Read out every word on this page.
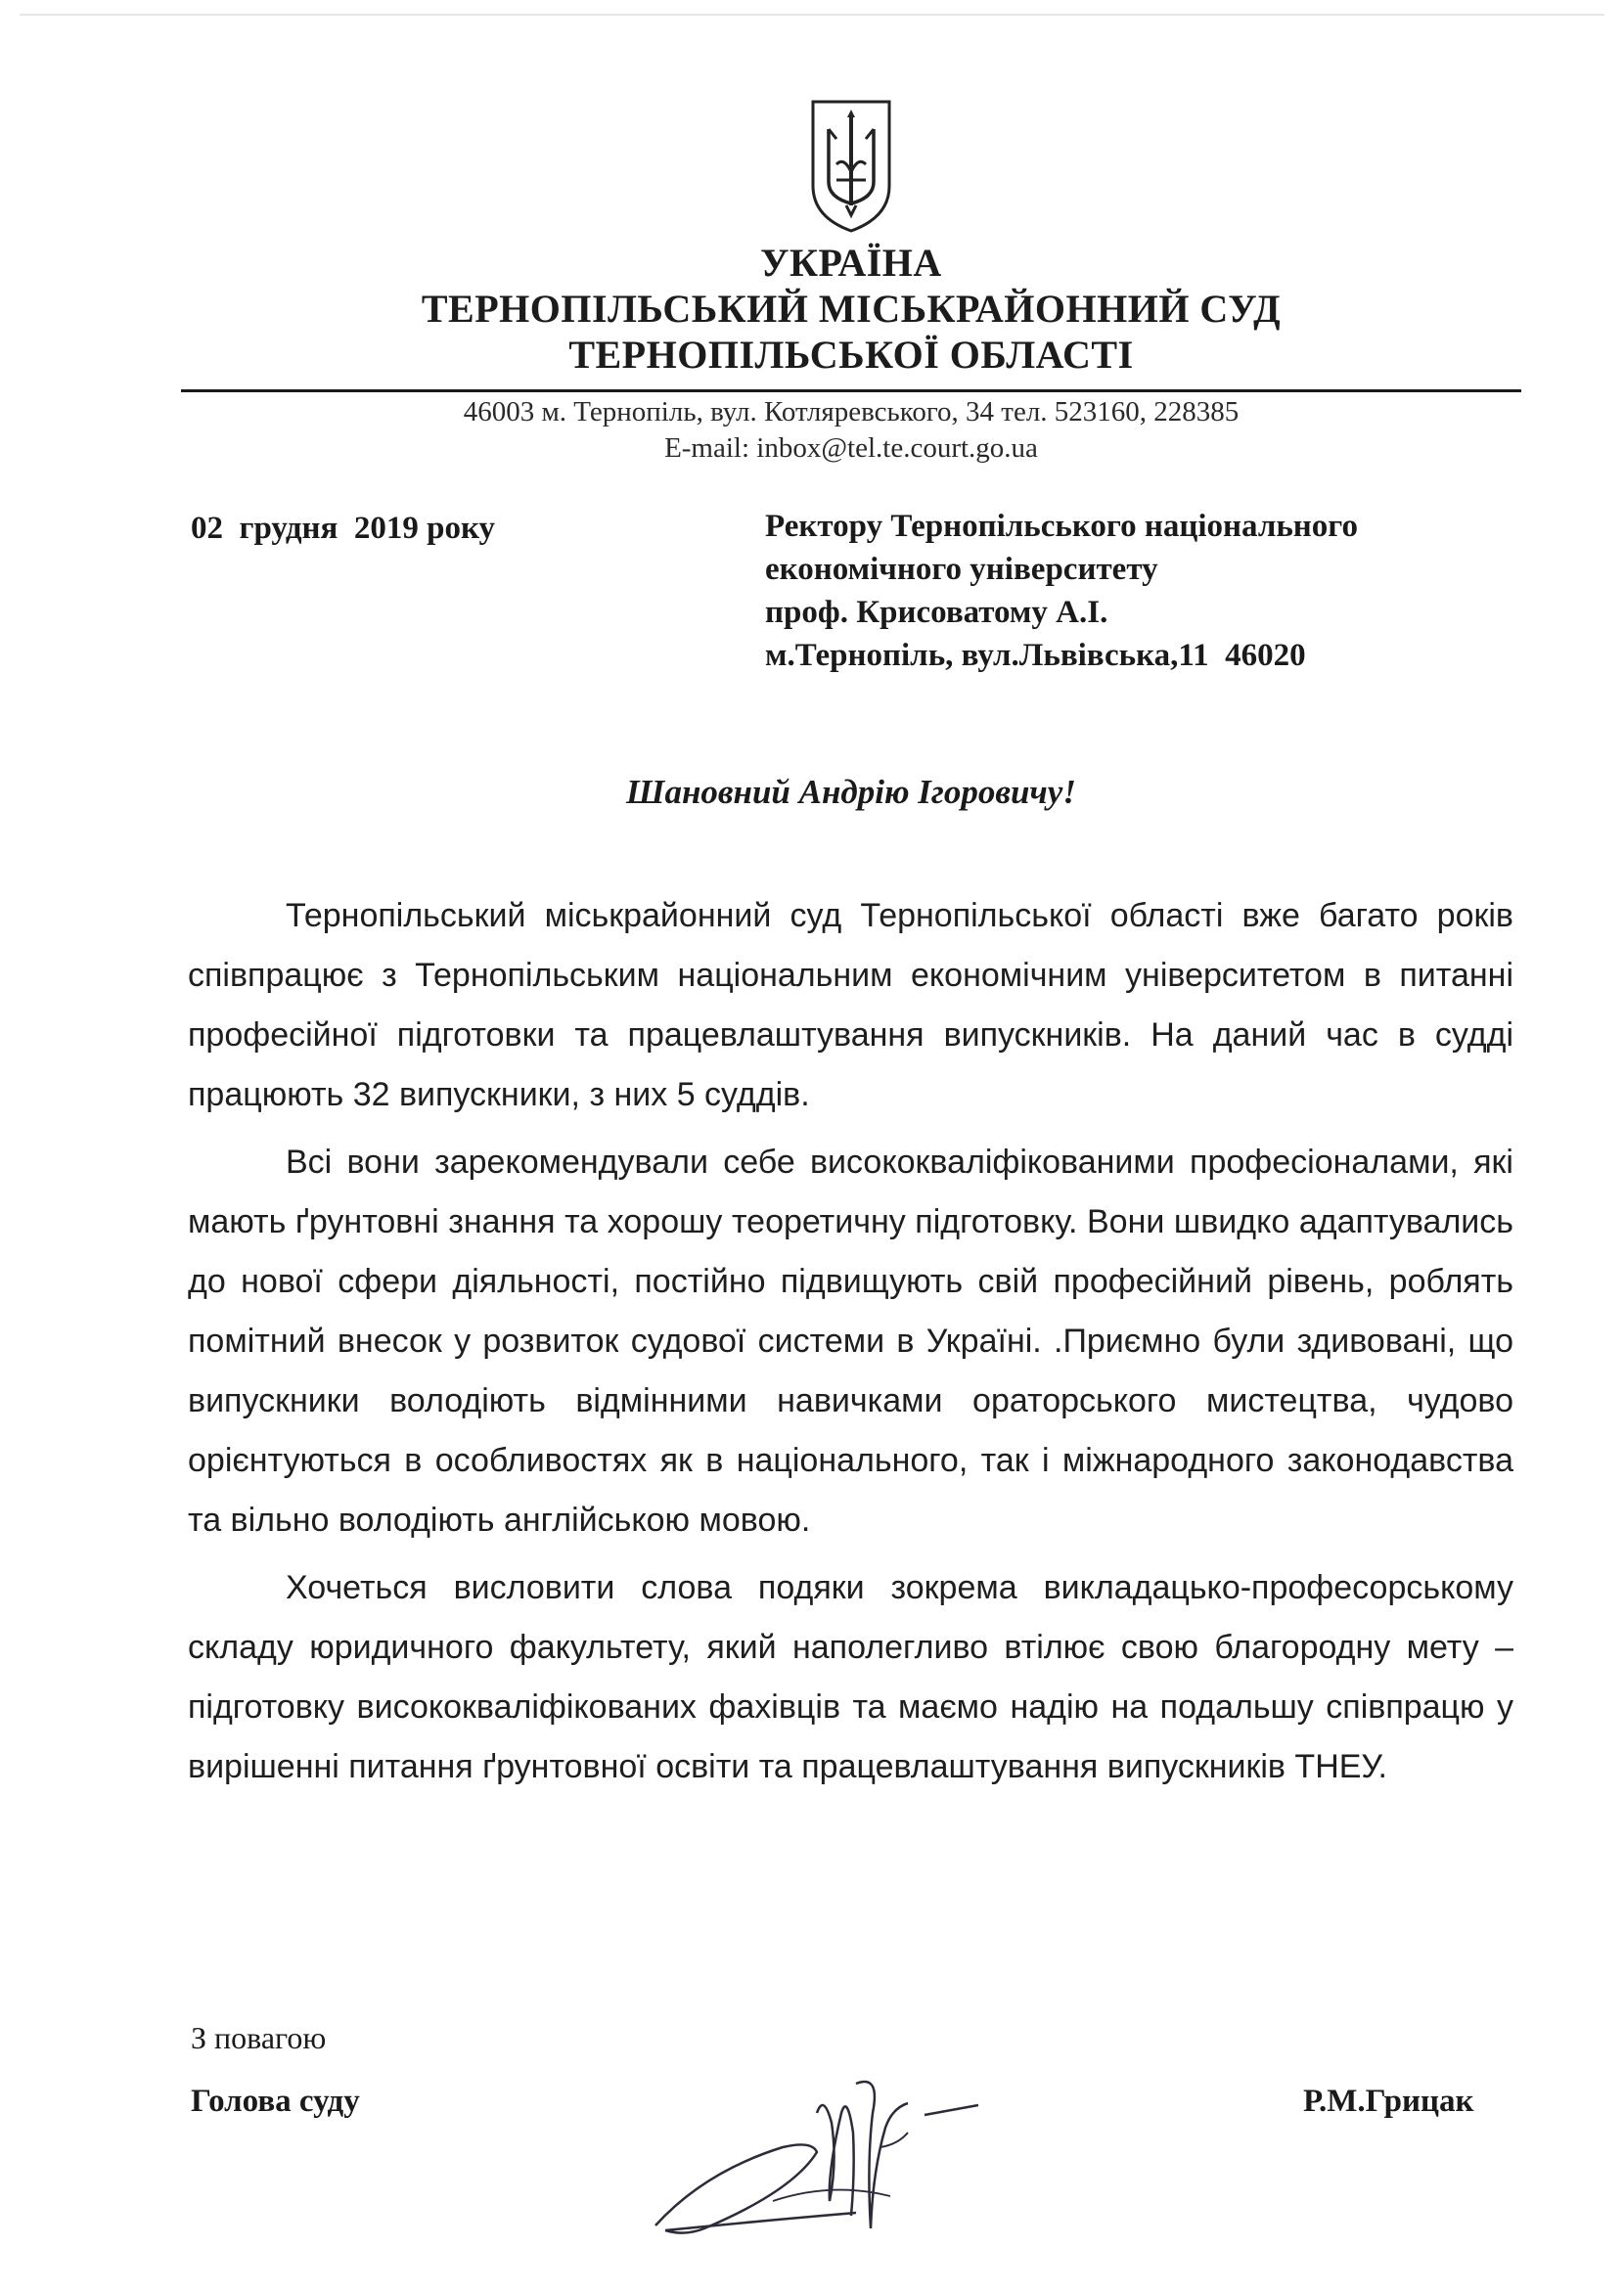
УКРАЇНА
ТЕРНОПІЛЬСЬКИЙ МІСЬКРАЙОННИЙ СУД
ТЕРНОПІЛЬСЬКОЇ ОБЛАСТІ
46003 м. Тернопіль, вул. Котляревського, 34 тел. 523160, 228385
E-mail: inbox@tel.te.court.go.ua
02  грудня  2019 року	Ректору Тернопільського національного
економічного університету
проф. Крисоватому А.І.
м.Тернопіль, вул.Львівська,11  46020
Шановний Андрію Ігоровичу!

Тернопільський міськрайонний суд Тернопільської області вже багато років співпрацює з Тернопільським національним економічним університетом в питанні професійної підготовки та працевлаштування випускників. На даний час в судді працюють 32 випускники, з них 5 суддів.

Всі вони зарекомендували себе висококваліфікованими професіоналами, які мають ґрунтовні знання та хорошу теоретичну підготовку. Вони швидко адаптувались до нової сфери діяльності, постійно підвищують свій професійний рівень, роблять помітний внесок у розвиток судової системи в Україні. .Приємно були здивовані, що випускники володіють відмінними навичками ораторського мистецтва, чудово орієнтуються в особливостях як в національного, так і міжнародного законодавства та вільно володіють англійською мовою.

Хочеться висловити слова подяки зокрема викладацько-професорському складу юридичного факультету, який наполегливо втілює свою благородну мету – підготовку висококваліфікованих фахівців та маємо надію на подальшу співпрацю у вирішенні питання ґрунтовної освіти та працевлаштування випускників ТНЕУ.

З повагою
Голова суду	Р.М.Грицак
